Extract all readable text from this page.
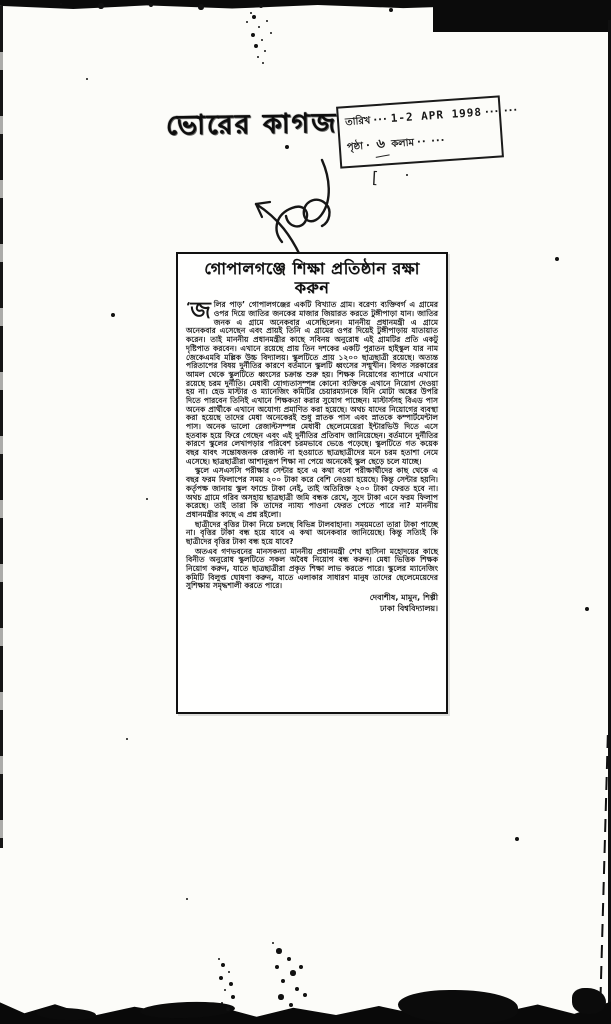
[
ভোরের কাগজ তারিখ ··· 1-2 APR 1998 ··· ···
পৃষ্ঠা · ৬ কলাম ·· ···
গোপালগঞ্জে শিক্ষা প্রতিষ্ঠান রক্ষা করুন

‘জ লির পাড়’ গোপালগঞ্জের একটি বিখ্যাত গ্রাম। বরেণ্য ব্যক্তিবর্গ এ গ্রামের ওপর দিয়ে জাতির জনকের মাজার জিয়ারত করতে টুঙ্গীপাড়া যান। জাতির জনক এ গ্রামে অনেকবার এসেছিলেন। মাননীয় প্রধানমন্ত্রী এ গ্রামে অনেকবার এসেছেন এবং প্রায়ই তিনি এ গ্রামের ওপর দিয়েই টুঙ্গীপাড়ায় যাতায়াত করেন। তাই মাননীয় প্রধানমন্ত্রীর কাছে সবিনয় অনুরোধ এই গ্রামটির প্রতি একটু দৃষ্টিপাত করবেন। এখানে রয়েছে প্রায় তিন দশকের একটি পুরাতন হাইস্কুল যার নাম জেকেএমবি মল্লিক উচ্চ বিদ্যালয়। স্কুলটিতে প্রায় ১২০০ ছাত্রছাত্রী রয়েছে। অত্যন্ত পরিতাপের বিষয় দুর্নীতির কারণে বর্তমানে স্কুলটি ধ্বংসের সম্মুখীন। বিগত সরকারের আমল থেকে স্কুলটিতে ধ্বংসের চক্রান্ত শুরু হয়। শিক্ষক নিয়োগের ব্যাপারে এখানে রয়েছে চরম দুর্নীতি। মেধাবী যোগ্যতাসম্পন্ন কোনো ব্যক্তিকে এখানে নিয়োগ দেওয়া হয় না। হেড মাস্টার ও ম্যানেজিং কমিটির চেয়ারম্যানকে যিনি মোটা অঙ্কের উপরি দিতে পারবেন তিনিই এখানে শিক্ষকতা করার সুযোগ পাচ্ছেন। মাস্টার্সসহ বিএড পাস অনেক প্রার্থীকে এখানে অযোগ্য প্রমাণিত করা হয়েছে। অথচ যাদের নিয়োগের ব্যবস্থা করা হয়েছে তাদের মেধা অনেকেরই শুধু স্নাতক পাস এবং স্নাতকে কম্পার্টমেন্টাল পাস। অনেক ভালো রেজাল্টসম্পন্ন মেধাবী ছেলেমেয়েরা ইন্টারভিউ দিতে এসে হতবাক হয়ে ফিরে গেছেন এবং এই দুর্নীতির প্রতিবাদ জানিয়েছেন। বর্তমানে দুর্নীতির কারণে স্কুলের লেখাপড়ার পরিবেশ চরমভাবে ভেঙে পড়েছে। স্কুলটিতে গত কয়েক বছর যাবৎ সন্তোষজনক রেজাল্ট না হওয়াতে ছাত্রছাত্রীদের মনে চরম হতাশা নেমে এসেছে। ছাত্রছাত্রীরা আশানুরূপ শিক্ষা না পেয়ে অনেকেই স্কুল ছেড়ে চলে যাচ্ছে।

স্কুলে এসএসসি পরীক্ষার সেন্টার হবে এ কথা বলে পরীক্ষার্থীদের কাছ থেকে এ বছর ফরম ফিলাপের সময় ২০০ টাকা করে বেশি নেওয়া হয়েছে। কিন্তু সেন্টার হয়নি। কর্তৃপক্ষ জানায় স্কুল ফান্ডে টাকা নেই, তাই অতিরিক্ত ২০০ টাকা ফেরত হবে না। অথচ গ্রামে গরিব অসহায় ছাত্রছাত্রী জমি বন্ধক রেখে, সুদে টাকা এনে ফরম ফিলাপ করেছে। তাই তারা কি তাদের ন্যায্য পাওনা ফেরত পেতে পারে না? মাননীয় প্রধানমন্ত্রীর কাছে এ প্রশ্ন রইলো।

ছাত্রীদের বৃত্তির টাকা নিয়ে চলছে বিভিন্ন টালবাহানা। সময়মতো তারা টাকা পাচ্ছে না। বৃত্তির টাকা বন্ধ হয়ে যাবে এ কথা অনেকবার জানিয়েছে। কিন্তু সত্যিই কি ছাত্রীদের বৃত্তির টাকা বন্ধ হয়ে যাবে?

অতএব গণভবনের মানসকন্যা মাননীয় প্রধানমন্ত্রী শেখ হাসিনা মহোদয়ের কাছে বিনীত অনুরোধ স্কুলটিতে সকল অবৈধ নিয়োগ বন্ধ করুন। মেধা ভিত্তিক শিক্ষক নিয়োগ করুন, যাতে ছাত্রছাত্রীরা প্রকৃত শিক্ষা লাভ করতে পারে। স্কুলের ম্যানেজিং কমিটি বিলুপ্ত ঘোষণা করুন, যাতে এলাকার সাধারণ মানুষ তাদের ছেলেমেয়েদের সুশিক্ষায় সমৃদ্ধশালী করতে পারে।

দেবাশীষ, মামুন, শিল্পী
ঢাকা বিশ্ববিদ্যালয়।
